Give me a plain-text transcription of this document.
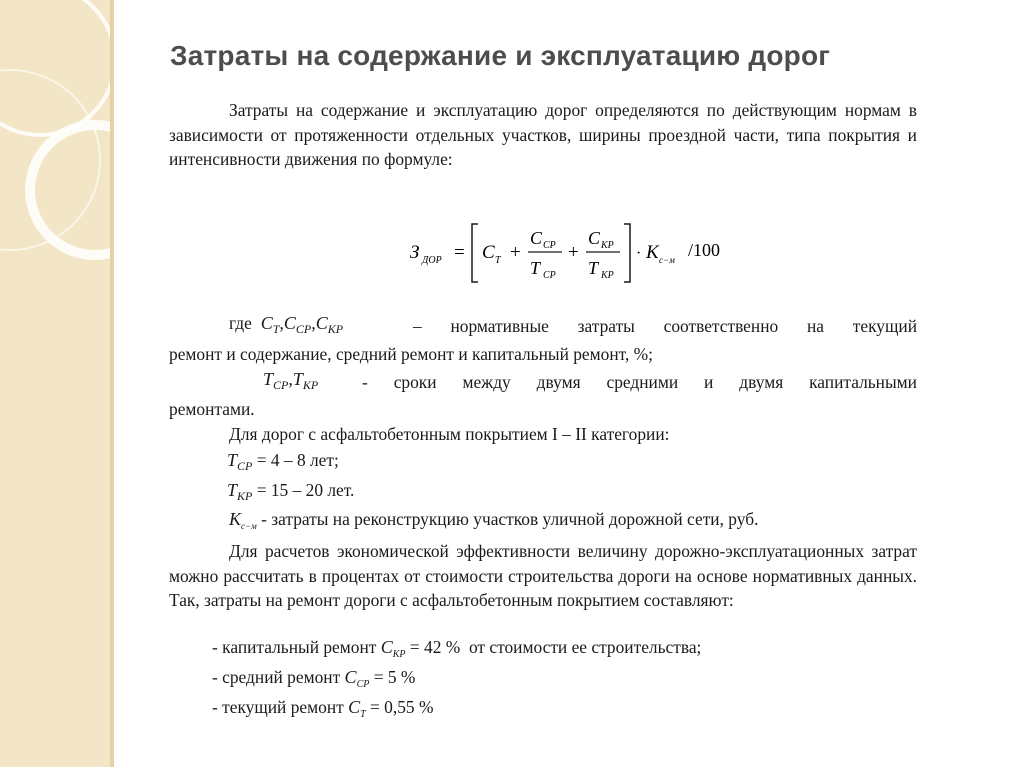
Затраты на содержание и эксплуатацию дорог
Затраты на содержание и эксплуатацию дорог определяются по действующим нормам в зависимости от протяженности отдельных участков, ширины проездной части, типа покрытия и интенсивности движения по формуле:
З ДОР = С Т +
С СР
Т СР
+
С КР
Т КР
· К с−м /100
где  $С_Т,С_{СР},С_{КР}$	– нормативные затраты соответственно на текущий
ремонт и содержание, средний ремонт и капитальный ремонт, %;
$Т_{СР},Т_{КР}$	- сроки между двумя средними и двумя капитальными
ремонтами.
Для дорог с асфальтобетонным покрытием I – II категории:
$Т_{СР} = 4 - 8$ лет;
$Т_{КР} = 15 - 20$ лет.
$К_{с-м}$ - затраты на реконструкцию участков уличной дорожной сети, руб.
Для расчетов экономической эффективности величину дорожно-эксплуатационных затрат можно рассчитать в процентах от стоимости строительства дороги на основе нормативных данных. Так, затраты на ремонт дороги с асфальтобетонным покрытием составляют:
- капитальный ремонт $С_{КР} = 42$ % от стоимости ее строительства;
- средний ремонт $С_{СР} = 5$ %
- текущий ремонт $С_Т = 0,55$ %
